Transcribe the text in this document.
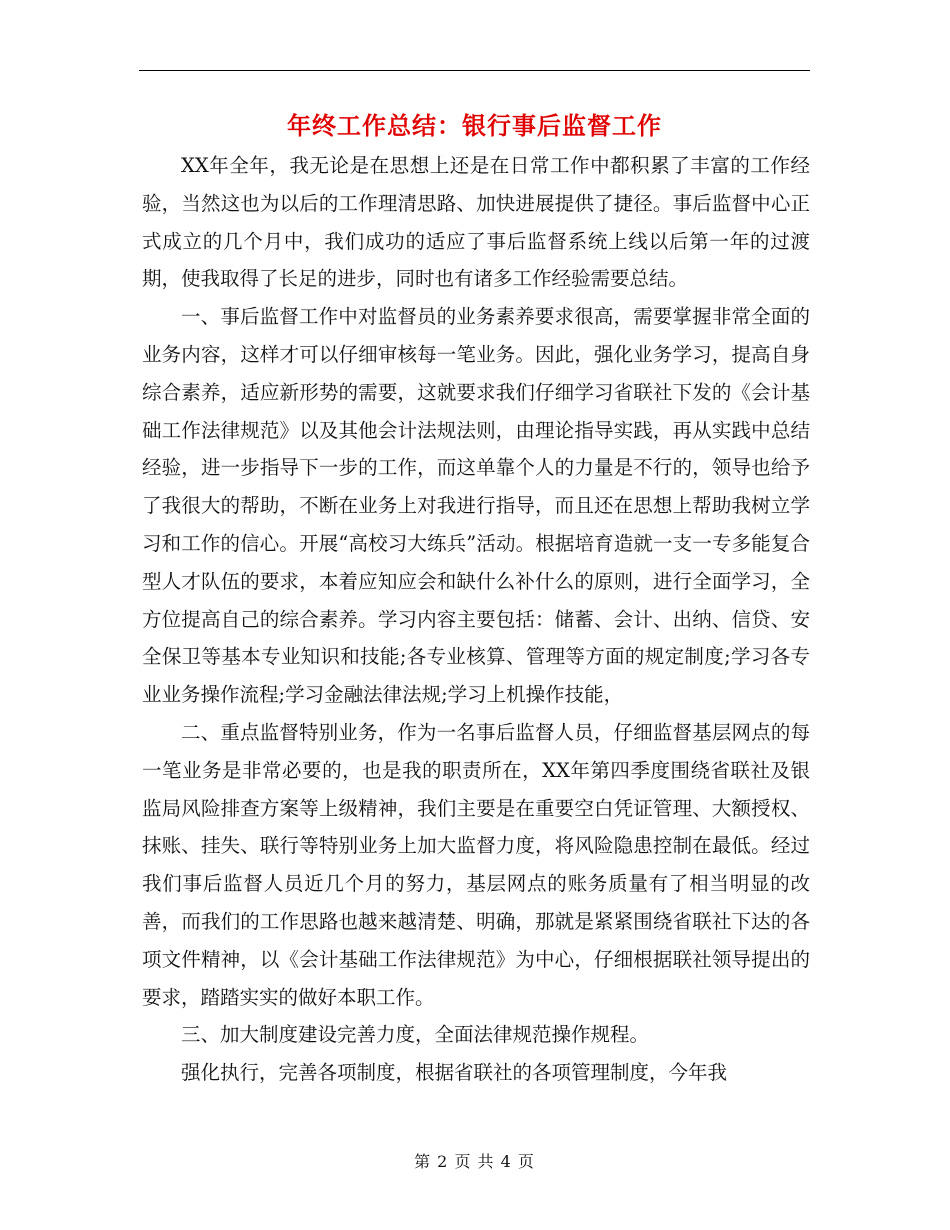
年终工作总结：银行事后监督工作

XX年全年，我无论是在思想上还是在日常工作中都积累了丰富的工作经验，当然这也为以后的工作理清思路、加快进展提供了捷径。事后监督中心正式成立的几个月中，我们成功的适应了事后监督系统上线以后第一年的过渡期，使我取得了长足的进步，同时也有诸多工作经验需要总结。

一、事后监督工作中对监督员的业务素养要求很高，需要掌握非常全面的业务内容，这样才可以仔细审核每一笔业务。因此，强化业务学习，提高自身综合素养，适应新形势的需要，这就要求我们仔细学习省联社下发的《会计基础工作法律规范》以及其他会计法规法则，由理论指导实践，再从实践中总结经验，进一步指导下一步的工作，而这单靠个人的力量是不行的，领导也给予了我很大的帮助，不断在业务上对我进行指导，而且还在思想上帮助我树立学习和工作的信心。开展“高校习大练兵”活动。根据培育造就一支一专多能复合型人才队伍的要求，本着应知应会和缺什么补什么的原则，进行全面学习，全方位提高自己的综合素养。学习内容主要包括：储蓄、会计、出纳、信贷、安全保卫等基本专业知识和技能;各专业核算、管理等方面的规定制度;学习各专业业务操作流程;学习金融法律法规;学习上机操作技能，

二、重点监督特别业务，作为一名事后监督人员，仔细监督基层网点的每一笔业务是非常必要的，也是我的职责所在，XX年第四季度围绕省联社及银监局风险排查方案等上级精神，我们主要是在重要空白凭证管理、大额授权、抹账、挂失、联行等特别业务上加大监督力度，将风险隐患控制在最低。经过我们事后监督人员近几个月的努力，基层网点的账务质量有了相当明显的改善，而我们的工作思路也越来越清楚、明确，那就是紧紧围绕省联社下达的各项文件精神，以《会计基础工作法律规范》为中心，仔细根据联社领导提出的要求，踏踏实实的做好本职工作。

三、加大制度建设完善力度，全面法律规范操作规程。

强化执行，完善各项制度，根据省联社的各项管理制度，今年我

第 2 页 共 4 页
